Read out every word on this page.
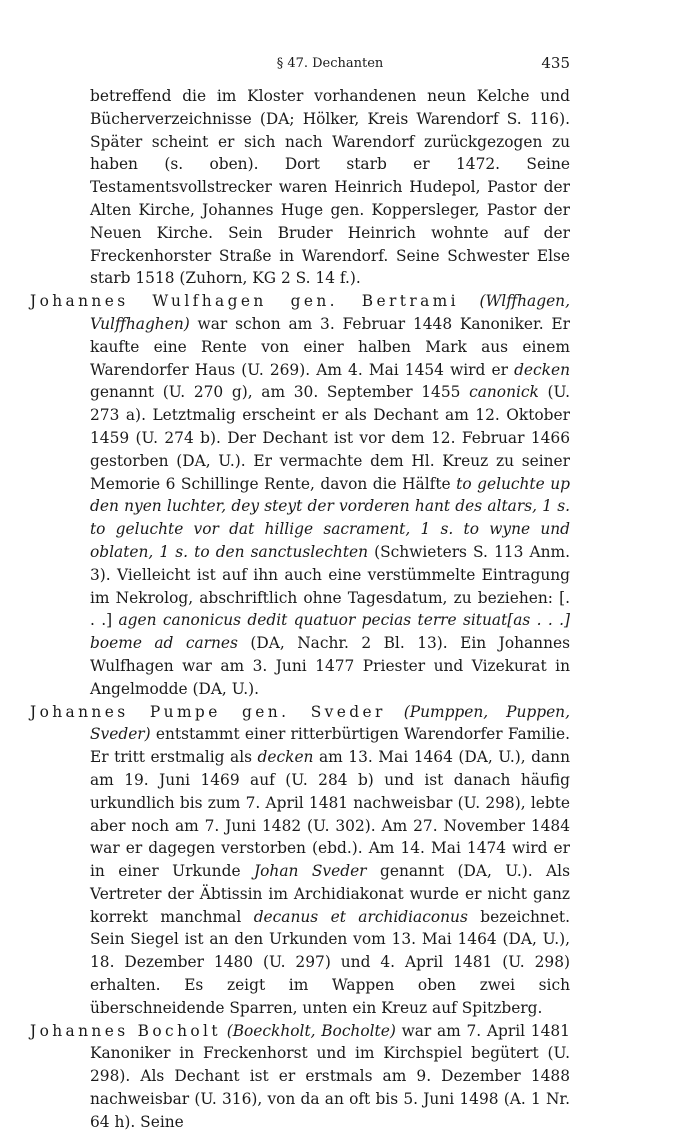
§ 47. Dechanten	435

betreffend die im Kloster vorhandenen neun Kelche und Bücherverzeichnisse (DA; Hölker, Kreis Warendorf S. 116). Später scheint er sich nach Warendorf zurückgezogen zu haben (s. oben). Dort starb er 1472. Seine Testamentsvollstrecker waren Heinrich Hudepol, Pastor der Alten Kirche, Johannes Huge gen. Koppersleger, Pastor der Neuen Kirche. Sein Bruder Heinrich wohnte auf der Freckenhorster Straße in Warendorf. Seine Schwester Else starb 1518 (Zuhorn, KG 2 S. 14 f.).

Johannes Wulfhagen gen. Bertrami (Wlffhagen, Vulffhaghen) war schon am 3. Februar 1448 Kanoniker. Er kaufte eine Rente von einer halben Mark aus einem Warendorfer Haus (U. 269). Am 4. Mai 1454 wird er decken genannt (U. 270 g), am 30. September 1455 canonick (U. 273 a). Letztmalig erscheint er als Dechant am 12. Oktober 1459 (U. 274 b). Der Dechant ist vor dem 12. Februar 1466 gestorben (DA, U.). Er vermachte dem Hl. Kreuz zu seiner Memorie 6 Schillinge Rente, davon die Hälfte to geluchte up den nyen luchter, dey steyt der vorderen hant des altars, 1 s. to geluchte vor dat hillige sacrament, 1 s. to wyne und oblaten, 1 s. to den sanctuslechten (Schwieters S. 113 Anm. 3). Vielleicht ist auf ihn auch eine verstümmelte Eintragung im Nekrolog, abschriftlich ohne Tagesdatum, zu beziehen: [. . .] agen canonicus dedit quatuor pecias terre situat[as . . .] boeme ad carnes (DA, Nachr. 2 Bl. 13). Ein Johannes Wulfhagen war am 3. Juni 1477 Priester und Vizekurat in Angelmodde (DA, U.).

Johannes Pumpe gen. Sveder (Pumppen, Puppen, Sveder) entstammt einer ritterbürtigen Warendorfer Familie. Er tritt erstmalig als decken am 13. Mai 1464 (DA, U.), dann am 19. Juni 1469 auf (U. 284 b) und ist danach häufig urkundlich bis zum 7. April 1481 nachweisbar (U. 298), lebte aber noch am 7. Juni 1482 (U. 302). Am 27. November 1484 war er dagegen verstorben (ebd.). Am 14. Mai 1474 wird er in einer Urkunde Johan Sveder genannt (DA, U.). Als Vertreter der Äbtissin im Archidiakonat wurde er nicht ganz korrekt manchmal decanus et archidiaconus bezeichnet. Sein Siegel ist an den Urkunden vom 13. Mai 1464 (DA, U.), 18. Dezember 1480 (U. 297) und 4. April 1481 (U. 298) erhalten. Es zeigt im Wappen oben zwei sich überschneidende Sparren, unten ein Kreuz auf Spitzberg.

Johannes Bocholt (Boeckholt, Bocholte) war am 7. April 1481 Kanoniker in Freckenhorst und im Kirchspiel begütert (U. 298). Als Dechant ist er erstmals am 9. Dezember 1488 nachweisbar (U. 316), von da an oft bis 5. Juni 1498 (A. 1 Nr. 64 h). Seine
